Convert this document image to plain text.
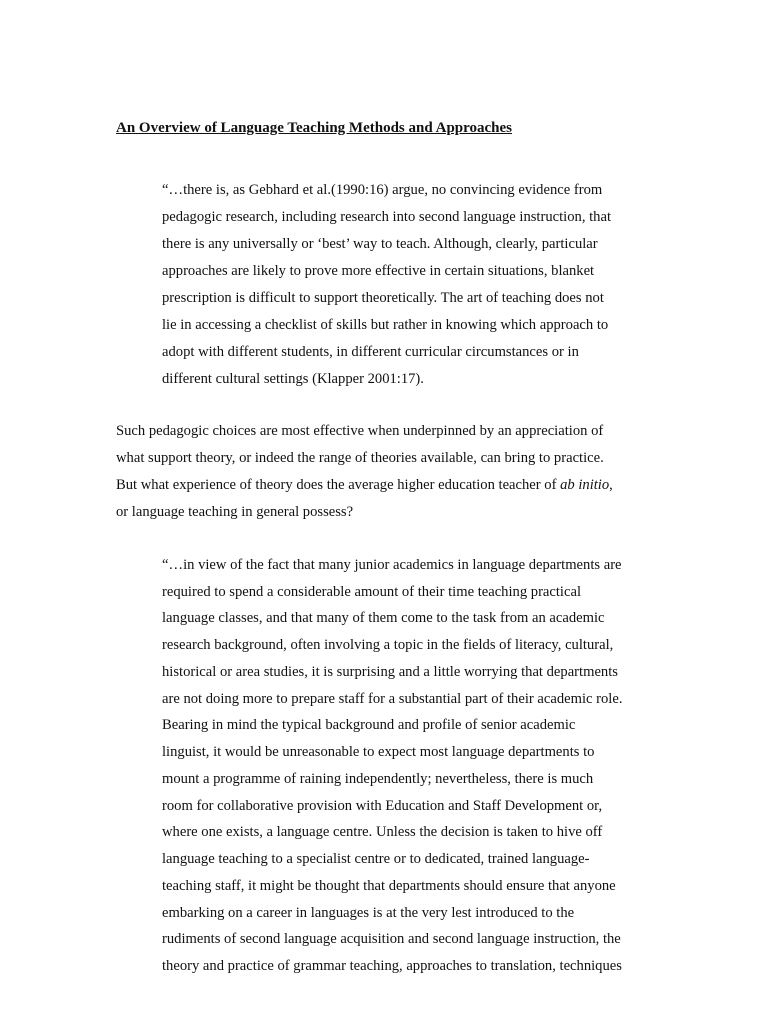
An Overview of Language Teaching Methods and Approaches

“…there is, as Gebhard et al.(1990:16) argue, no convincing evidence from

pedagogic research, including research into second language instruction, that

there is any universally or ‘best’ way to teach. Although, clearly, particular

approaches are likely to prove more effective in certain situations, blanket

prescription is difficult to support theoretically. The art of teaching does not

lie in accessing a checklist of skills but rather in knowing which approach to

adopt with different students, in different curricular circumstances or in

different cultural settings (Klapper 2001:17).

Such pedagogic choices are most effective when underpinned by an appreciation of

what support theory, or indeed the range of theories available, can bring to practice.

But what experience of theory does the average higher education teacher of ab initio,

or language teaching in general possess?

“…in view of the fact that many junior academics in language departments are

required to spend a considerable amount of their time teaching practical

language classes, and that many of them come to the task from an academic

research background, often involving a topic in the fields of literacy, cultural,

historical or area studies, it is surprising and a little worrying that departments

are not doing more to prepare staff for a substantial part of their academic role.

Bearing in mind the typical background and profile of senior academic

linguist, it would be unreasonable to expect most language departments to

mount a programme of raining independently; nevertheless, there is much

room for collaborative provision with Education and Staff Development or,

where one exists, a language centre. Unless the decision is taken to hive off

language teaching to a specialist centre or to dedicated, trained language-

teaching staff, it might be thought that departments should ensure that anyone

embarking on a career in languages is at the very lest introduced to the

rudiments of second language acquisition and second language instruction, the

theory and practice of grammar teaching, approaches to translation, techniques
